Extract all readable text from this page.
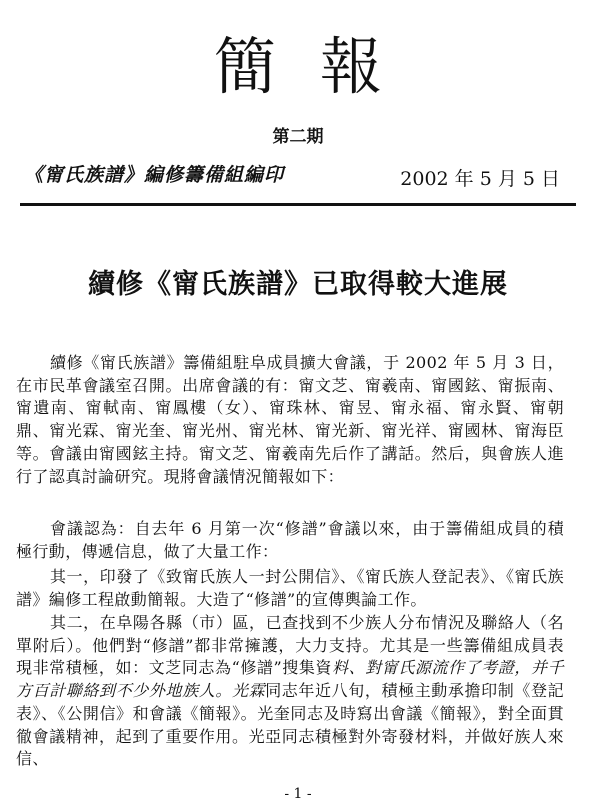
簡報
第二期
《甯氏族譜》編修籌備組編印	2002 年 5 月 5 日
續修《甯氏族譜》已取得較大進展

續修《甯氏族譜》籌備組駐阜成員擴大會議，于 2002 年 5 月 3 日，在市民革會議室召開。出席會議的有：甯文芝、甯羲南、甯國鉉、甯振南、甯遺南、甯軾南、甯鳳樓（女）、甯珠林、甯昱、甯永福、甯永賢、甯朝鼎、甯光霖、甯光奎、甯光州、甯光林、甯光新、甯光祥、甯國林、甯海臣等。會議由甯國鉉主持。甯文芝、甯羲南先后作了講話。然后，與會族人進行了認真討論研究。現將會議情況簡報如下：

會議認為：自去年 6 月第一次“修譜”會議以來，由于籌備組成員的積極行動，傳遞信息，做了大量工作：

其一，印發了《致甯氏族人一封公開信》、《甯氏族人登記表》、《甯氏族譜》編修工程啟動簡報。大造了“修譜”的宣傳輿論工作。

其二，在阜陽各縣（市）區，已查找到不少族人分布情況及聯絡人（名單附后）。他們對“修譜”都非常擁護，大力支持。尤其是一些籌備組成員表現非常積極，如：文芝同志為“修譜”搜集資料、對甯氏源流作了考證，并千方百計聯絡到不少外地族人。光霖同志年近八旬，積極主動承擔印制《登記表》、《公開信》和會議《簡報》。光奎同志及時寫出會議《簡報》，對全面貫徹會議精神，起到了重要作用。光亞同志積極對外寄發材料，并做好族人來信、

- 1 -
